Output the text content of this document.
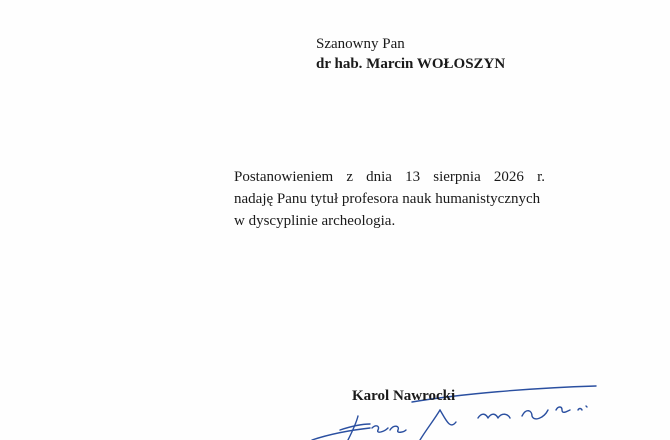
Szanowny Pan
dr hab. Marcin WOŁOSZYN
Postanowieniem z dnia 13 sierpnia 2026 r.
nadaję Panu tytuł profesora nauk humanistycznych
w dyscyplinie archeologia.
Karol Nawrocki
